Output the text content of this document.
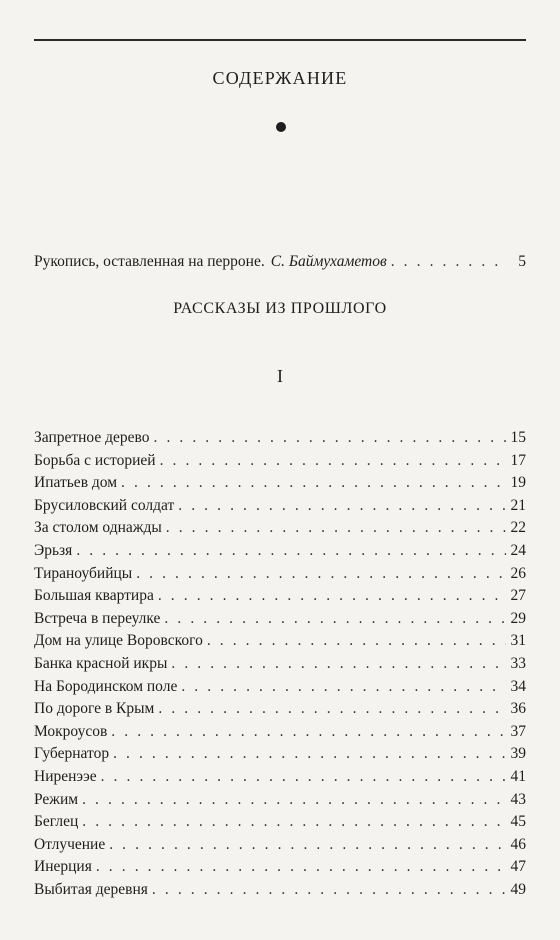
СОДЕРЖАНИЕ
Рукопись, оставленная на перроне. С. Баймухаметов . . .	5
РАССКАЗЫ ИЗ ПРОШЛОГО
I
Запретное дерево . . .	15
Борьба с историей . . .	17
Ипатьев дом . . .	19
Брусиловский солдат . . .	21
За столом однажды . . .	22
Эрьзя . . .	24
Тираноубийцы . . .	26
Большая квартира . . .	27
Встреча в переулке . . .	29
Дом на улице Воровского . . .	31
Банка красной икры . . .	33
На Бородинском поле . . .	34
По дороге в Крым . . .	36
Мокроусов . . .	37
Губернатор . . .	39
Ниренээе . . .	41
Режим . . .	43
Беглец . . .	45
Отлучение . . .	46
Инерция . . .	47
Выбитая деревня . . .	49
